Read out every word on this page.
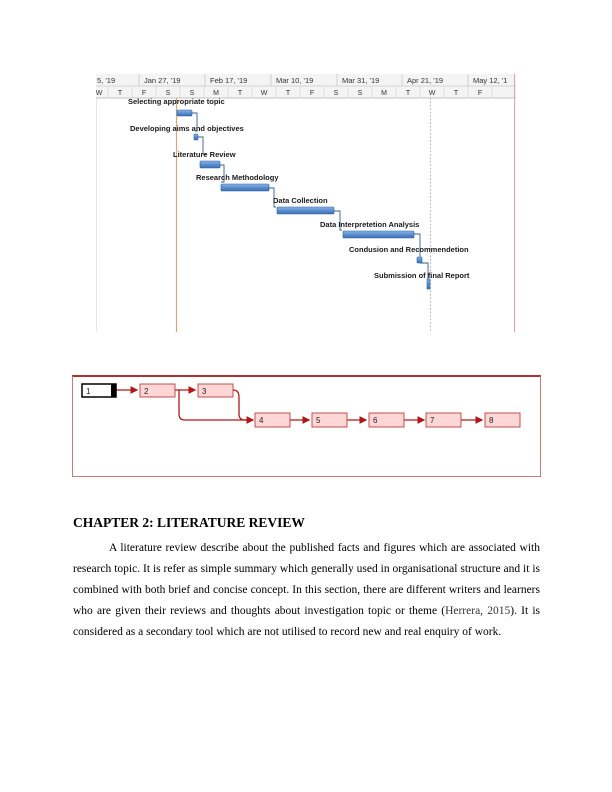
5, '19	Jan 27, '19	Feb 17, '19	Mar 10, '19	Mar 31, '19	Apr 21, '19	May 12, '1
W T	F	S	S	M	T	W	T	F	S	S	M	T	W	T	F
Selecting appropriate topic
Developing aims and objectives
Literature Review
Research Methodology
Data Collection
Data Interpretetion Analysis
Condusion and Recommendetion
Submission of final Report
1	2	3
4	5	6	7	8
CHAPTER 2: LITERATURE REVIEW

A literature review describe about the published facts and figures which are associated with research topic. It is refer as simple summary which generally used in organisational structure and it is combined with both brief and concise concept. In this section, there are different writers and learners who are given their reviews and thoughts about investigation topic or theme (Herrera, 2015). It is considered as a secondary tool which are not utilised to record new and real enquiry of work.
